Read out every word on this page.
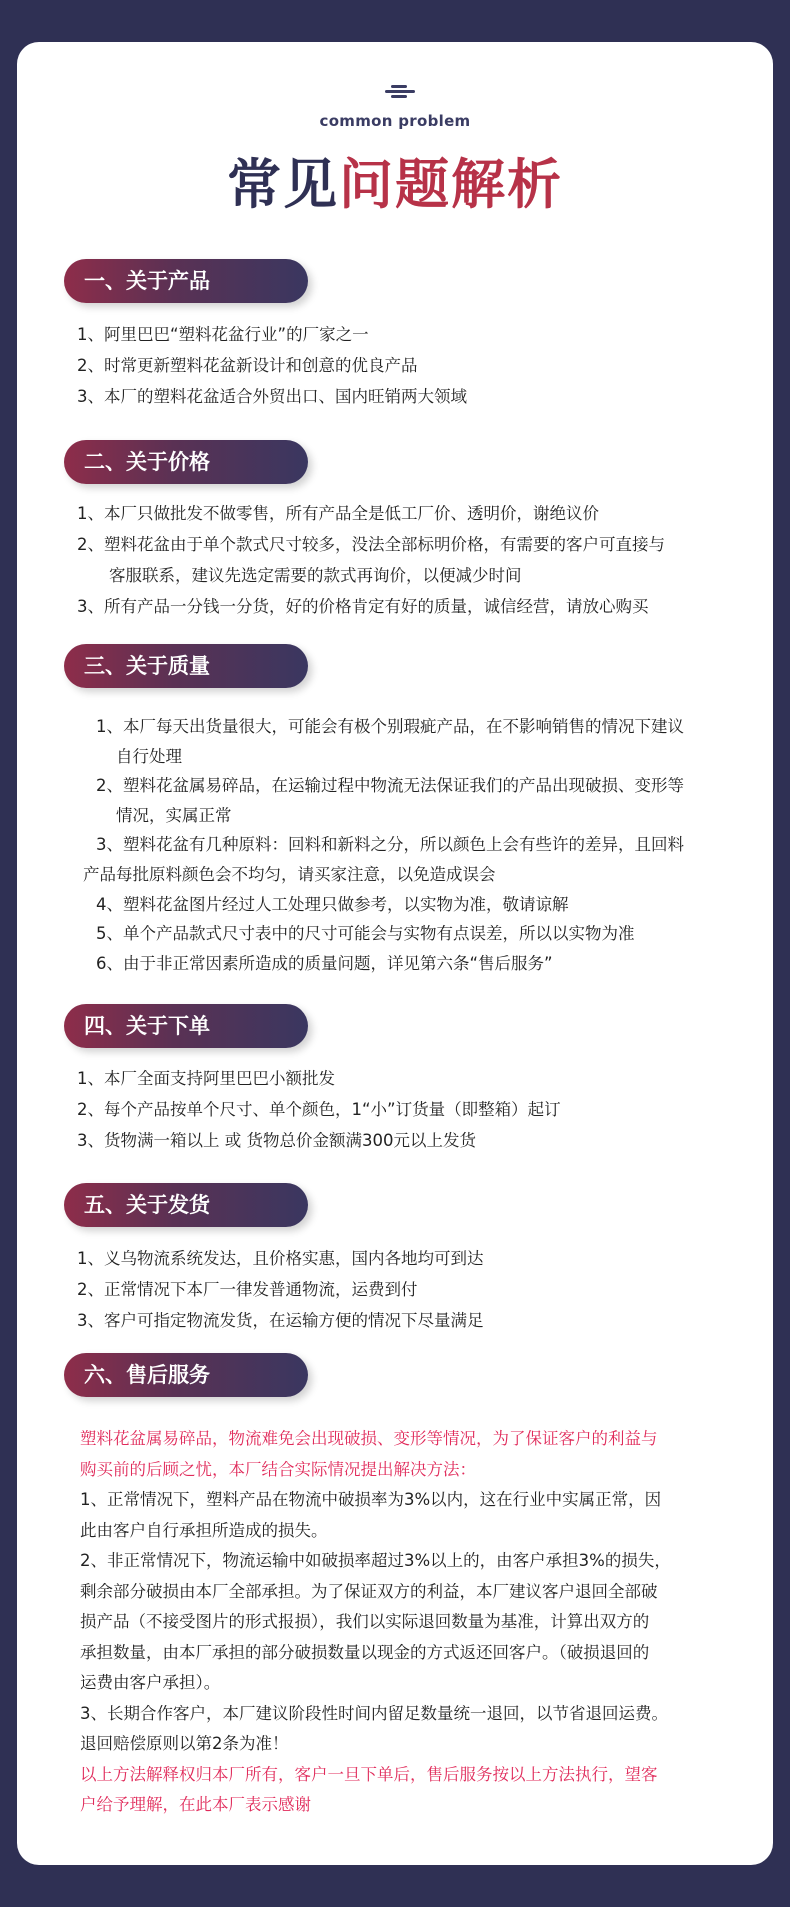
common problem
常见问题解析
一、关于产品
1、阿里巴巴“塑料花盆行业”的厂家之一
2、时常更新塑料花盆新设计和创意的优良产品
3、本厂的塑料花盆适合外贸出口、国内旺销两大领域
二、关于价格
1、本厂只做批发不做零售，所有产品全是低工厂价、透明价，谢绝议价
2、塑料花盆由于单个款式尺寸较多，没法全部标明价格，有需要的客户可直接与
客服联系，建议先选定需要的款式再询价，以便减少时间
3、所有产品一分钱一分货，好的价格肯定有好的质量，诚信经营，请放心购买
三、关于质量
1、本厂每天出货量很大，可能会有极个别瑕疵产品，在不影响销售的情况下建议
自行处理
2、塑料花盆属易碎品，在运输过程中物流无法保证我们的产品出现破损、变形等
情况，实属正常
3、塑料花盆有几种原料：回料和新料之分，所以颜色上会有些许的差异，且回料
产品每批原料颜色会不均匀，请买家注意，以免造成误会
4、塑料花盆图片经过人工处理只做参考，以实物为准，敬请谅解
5、单个产品款式尺寸表中的尺寸可能会与实物有点误差，所以以实物为准
6、由于非正常因素所造成的质量问题，详见第六条“售后服务”
四、关于下单
1、本厂全面支持阿里巴巴小额批发
2、每个产品按单个尺寸、单个颜色，1“小”订货量（即整箱）起订
3、货物满一箱以上 或 货物总价金额满300元以上发货
五、关于发货
1、义乌物流系统发达，且价格实惠，国内各地均可到达
2、正常情况下本厂一律发普通物流，运费到付
3、客户可指定物流发货，在运输方便的情况下尽量满足
六、售后服务
塑料花盆属易碎品，物流难免会出现破损、变形等情况，为了保证客户的利益与
购买前的后顾之忧，本厂结合实际情况提出解决方法：
1、正常情况下，塑料产品在物流中破损率为3%以内，这在行业中实属正常，因
此由客户自行承担所造成的损失。
2、非正常情况下，物流运输中如破损率超过3%以上的，由客户承担3%的损失，
剩余部分破损由本厂全部承担。为了保证双方的利益，本厂建议客户退回全部破
损产品（不接受图片的形式报损），我们以实际退回数量为基准，计算出双方的
承担数量，由本厂承担的部分破损数量以现金的方式返还回客户。（破损退回的
运费由客户承担）。
3、长期合作客户，本厂建议阶段性时间内留足数量统一退回，以节省退回运费。
退回赔偿原则以第2条为准！
以上方法解释权归本厂所有，客户一旦下单后，售后服务按以上方法执行，望客
户给予理解，在此本厂表示感谢
